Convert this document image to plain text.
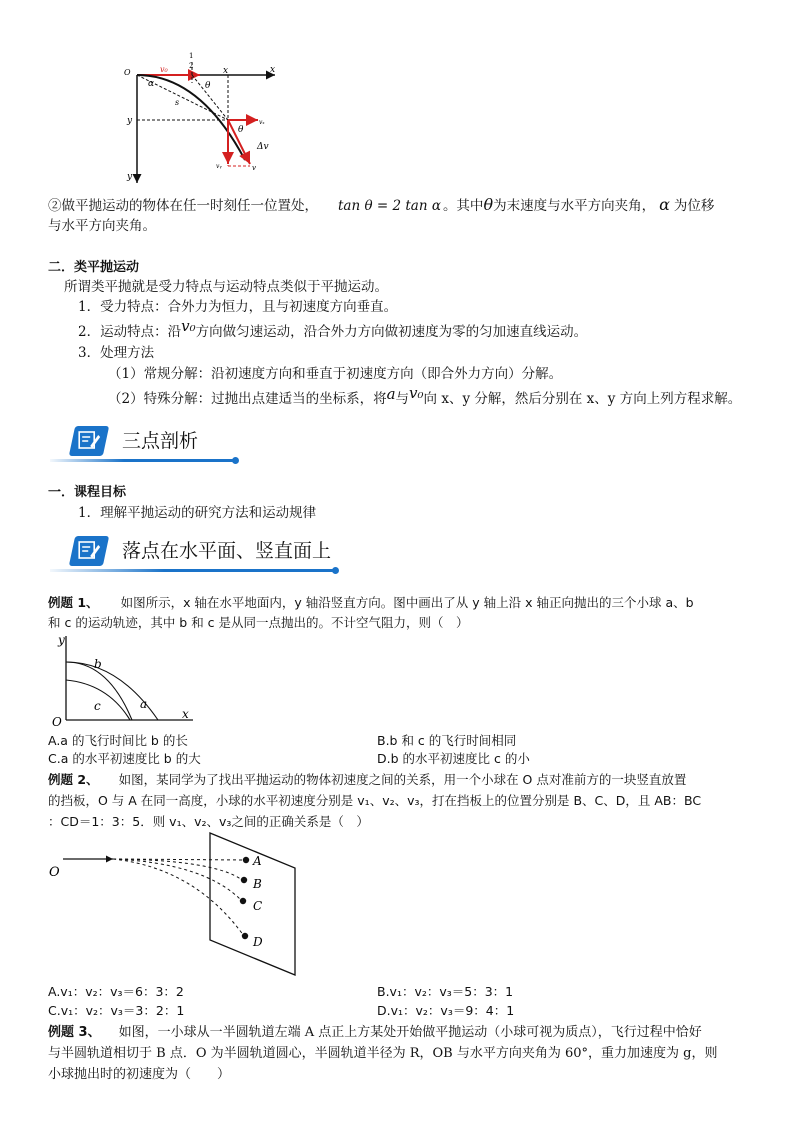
O	v₀	x	x
1
2
y
y
s
α	θ
θ
vₓ
vᵧ	v
Δv
②做平抛运动的物体在任一时刻任一位置处， tan θ = 2 tan α 。其中θ为末速度与水平方向夹角， α 为位移
与水平方向夹角。
二．类平抛运动
所谓类平抛就是受力特点与运动特点类似于平抛运动。
1．受力特点：合外力为恒力，且与初速度方向垂直。
2．运动特点：沿v₀方向做匀速运动，沿合外力方向做初速度为零的匀加速直线运动。
3．处理方法
（1）常规分解：沿初速度方向和垂直于初速度方向（即合外力方向）分解。
（2）特殊分解：过抛出点建适当的坐标系，将a与v₀向 x、y 分解，然后分别在 x、y 方向上列方程求解。
三点剖析
一．课程目标
1．理解平抛运动的研究方法和运动规律
落点在水平面、竖直面上
例题 1、 如图所示，x 轴在水平地面内，y 轴沿竖直方向。图中画出了从 y 轴上沿 x 轴正向抛出的三个小球 a、b
和 c 的运动轨迹，其中 b 和 c 是从同一点抛出的。不计空气阻力，则（　）
y
x
O
a
b
c
A.a 的飞行时间比 b 的长	B.b 和 c 的飞行时间相同
C.a 的水平初速度比 b 的大	D.b 的水平初速度比 c 的小
例题 2、 如图，某同学为了找出平抛运动的物体初速度之间的关系，用一个小球在 O 点对准前方的一块竖直放置
的挡板，O 与 A 在同一高度，小球的水平初速度分别是 v₁、v₂、v₃，打在挡板上的位置分别是 B、C、D，且 AB：BC
：CD＝1：3：5．则 v₁、v₂、v₃之间的正确关系是（　）
O
A
B
C
D
A.v₁：v₂：v₃＝6：3：2	B.v₁：v₂：v₃＝5：3：1
C.v₁：v₂：v₃＝3：2：1	D.v₁：v₂：v₃＝9：4：1
例题 3、 如图，一小球从一半圆轨道左端 A 点正上方某处开始做平抛运动（小球可视为质点），飞行过程中恰好
与半圆轨道相切于 B 点．O 为半圆轨道圆心，半圆轨道半径为 R，OB 与水平方向夹角为 60°，重力加速度为 g，则
小球抛出时的初速度为（　　）
